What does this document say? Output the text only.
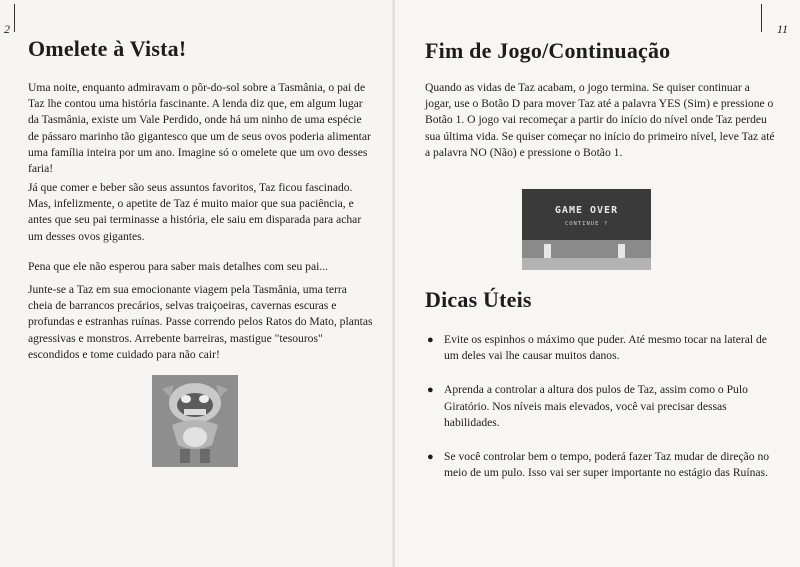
2
Omelete à Vista!

Uma noite, enquanto admiravam o pôr-do-sol sobre a Tasmânia, o pai de Taz lhe contou uma história fascinante. A lenda diz que, em algum lugar da Tasmânia, existe um Vale Perdido, onde há um ninho de uma espécie de pássaro marinho tão gigantesco que um de seus ovos poderia alimentar uma família inteira por um ano. Imagine só o omelete que um ovo desses faria!

Já que comer e beber são seus assuntos favoritos, Taz ficou fascinado. Mas, infelizmente, o apetite de Taz é muito maior que sua paciência, e antes que seu pai terminasse a história, ele saiu em disparada para achar um desses ovos gigantes.

Pena que ele não esperou para saber mais detalhes com seu pai...

Junte-se a Taz em sua emocionante viagem pela Tasmânia, uma terra cheia de barrancos precários, selvas traiçoeiras, cavernas escuras e profundas e estranhas ruínas. Passe correndo pelos Ratos do Mato, plantas agressivas e monstros. Arrebente barreiras, mastigue "tesouros" escondidos e tome cuidado para não cair!

11
Fim de Jogo/Continuação

Quando as vidas de Taz acabam, o jogo termina. Se quiser continuar a jogar, use o Botão D para mover Taz até a palavra YES (Sim) e pressione o Botão 1. O jogo vai recomeçar a partir do início do nível onde Taz perdeu sua última vida. Se quiser começar no início do primeiro nível, leve Taz até a palavra NO (Não) e pressione o Botão 1.

GAME OVER
CONTINUE ?
Dicas Úteis
● Evite os espinhos o máximo que puder. Até mesmo tocar na lateral de um deles vai lhe causar muitos danos.
● Aprenda a controlar a altura dos pulos de Taz, assim como o Pulo Giratório. Nos níveis mais elevados, você vai precisar dessas habilidades.
● Se você controlar bem o tempo, poderá fazer Taz mudar de direção no meio de um pulo. Isso vai ser super importante no estágio das Ruínas.
